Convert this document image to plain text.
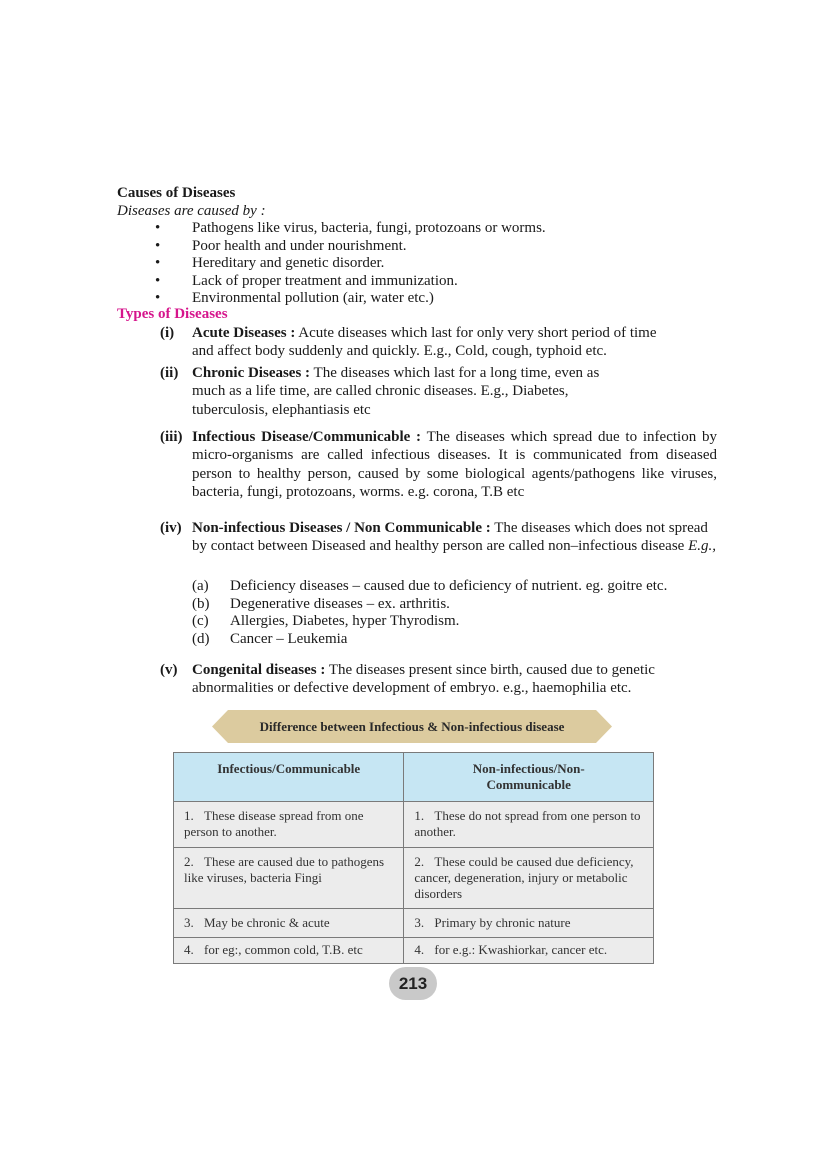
Causes of Diseases
Diseases are caused by :
• Pathogens like virus, bacteria, fungi, protozoans or worms.
• Poor health and under nourishment.
• Hereditary and genetic disorder.
• Lack of proper treatment and immunization.
• Environmental pollution (air, water etc.)
Types of Diseases
(i) Acute Diseases : Acute diseases which last for only very short period of time and affect body suddenly and quickly. E.g., Cold, cough, typhoid etc.
(ii) Chronic Diseases : The diseases which last for a long time, even as much as a life time, are called chronic diseases. E.g., Diabetes, tuberculosis, elephantiasis etc
(iii) Infectious Disease/Communicable : The diseases which spread due to infection by micro-organisms are called infectious diseases. It is communicated from diseased person to healthy person, caused by some biological agents/pathogens like viruses, bacteria, fungi, protozoans, worms. e.g. corona, T.B etc
(iv) Non-infectious Diseases / Non Communicable : The diseases which does not spread by contact between Diseased and healthy person are called non–infectious disease E.g.,
(a) Deficiency diseases – caused due to deficiency of nutrient. eg. goitre etc.
(b) Degenerative diseases – ex. arthritis.
(c) Allergies, Diabetes, hyper Thyrodism.
(d) Cancer – Leukemia
(v) Congenital diseases : The diseases present since birth, caused due to genetic abnormalities or defective development of embryo. e.g., haemophilia etc.
Difference between Infectious & Non-infectious disease
Infectious/Communicable	Non-infectious/Non-Communicable

1. These disease spread from one person to another.	1. These do not spread from one person to another.

2. These are caused due to pathogens like viruses, bacteria Fingi	2. These could be caused due deficiency, cancer, degeneration, injury or metabolic disorders

3. May be chronic & acute	3. Primary by chronic nature

4. for eg:, common cold, T.B. etc	4. for e.g.: Kwashiorkar, cancer etc.
213
